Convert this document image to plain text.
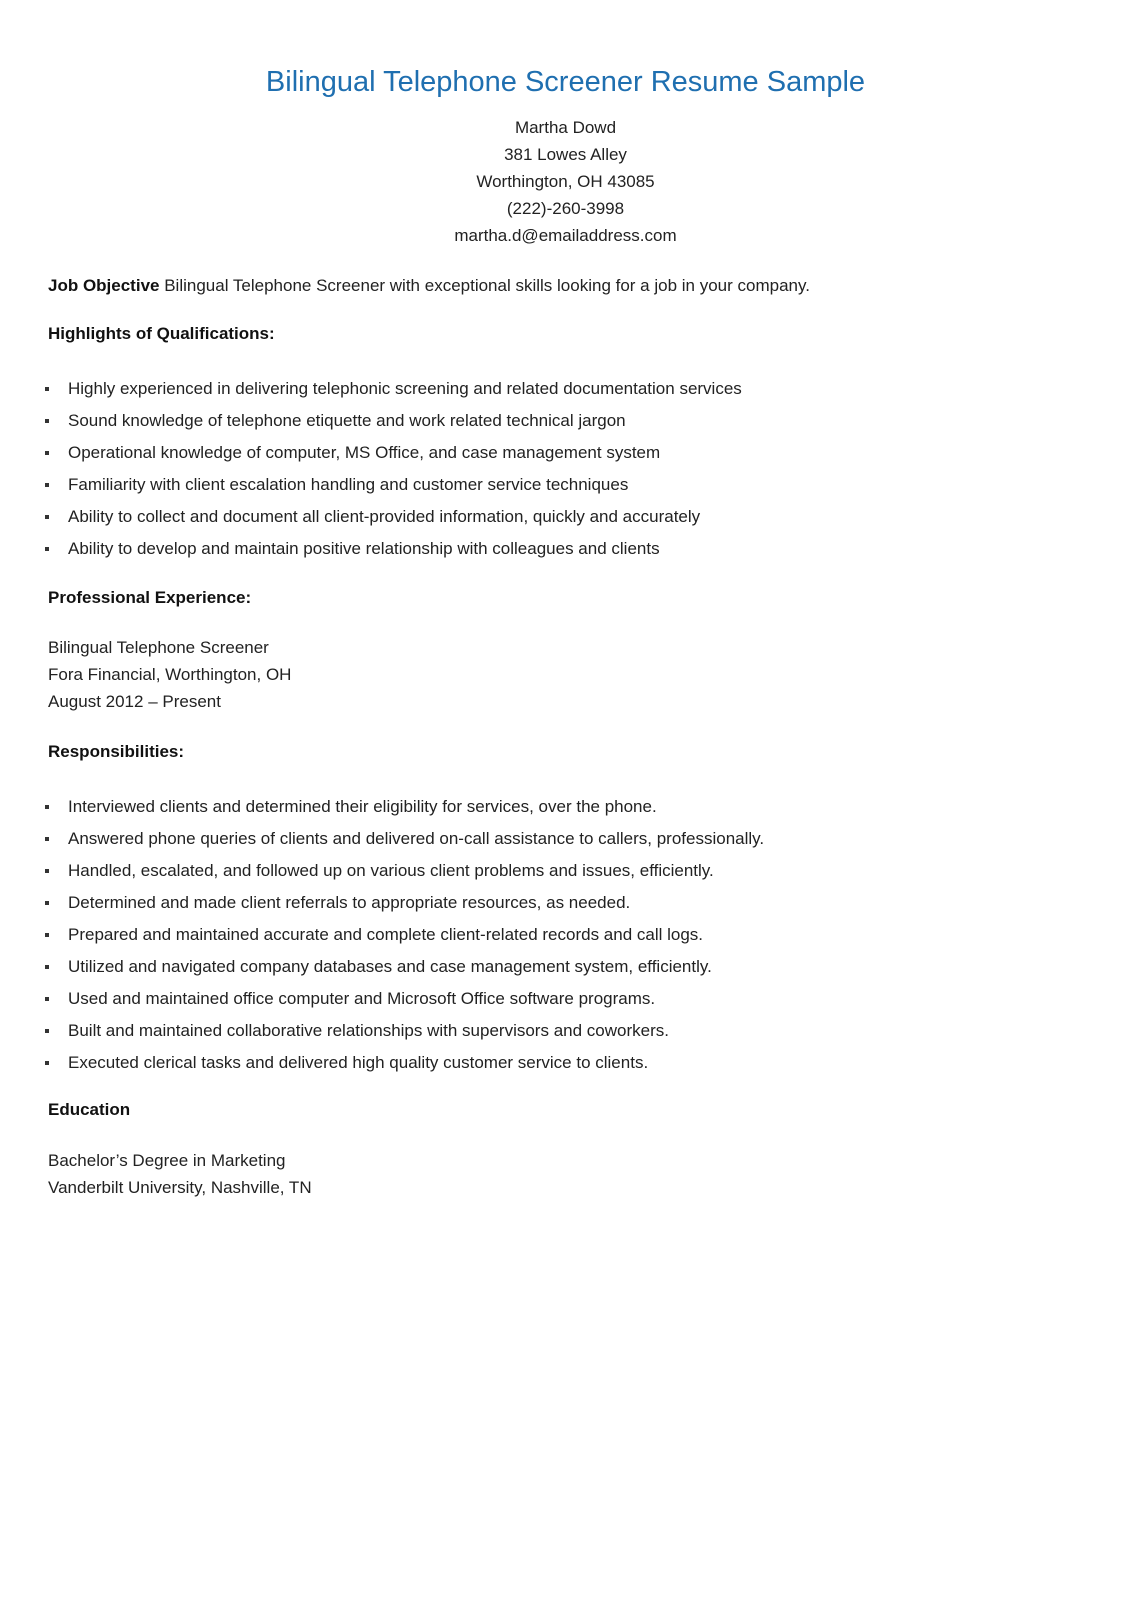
Bilingual Telephone Screener Resume Sample
Martha Dowd
381 Lowes Alley
Worthington, OH 43085
(222)-260-3998
martha.d@emailaddress.com
Job Objective Bilingual Telephone Screener with exceptional skills looking for a job in your company.
Highlights of Qualifications:
Highly experienced in delivering telephonic screening and related documentation services
Sound knowledge of telephone etiquette and work related technical jargon
Operational knowledge of computer, MS Office, and case management system
Familiarity with client escalation handling and customer service techniques
Ability to collect and document all client-provided information, quickly and accurately
Ability to develop and maintain positive relationship with colleagues and clients
Professional Experience:
Bilingual Telephone Screener
Fora Financial, Worthington, OH
August 2012 – Present
Responsibilities:
Interviewed clients and determined their eligibility for services, over the phone.
Answered phone queries of clients and delivered on-call assistance to callers, professionally.
Handled, escalated, and followed up on various client problems and issues, efficiently.
Determined and made client referrals to appropriate resources, as needed.
Prepared and maintained accurate and complete client-related records and call logs.
Utilized and navigated company databases and case management system, efficiently.
Used and maintained office computer and Microsoft Office software programs.
Built and maintained collaborative relationships with supervisors and coworkers.
Executed clerical tasks and delivered high quality customer service to clients.
Education
Bachelor’s Degree in Marketing
Vanderbilt University, Nashville, TN
